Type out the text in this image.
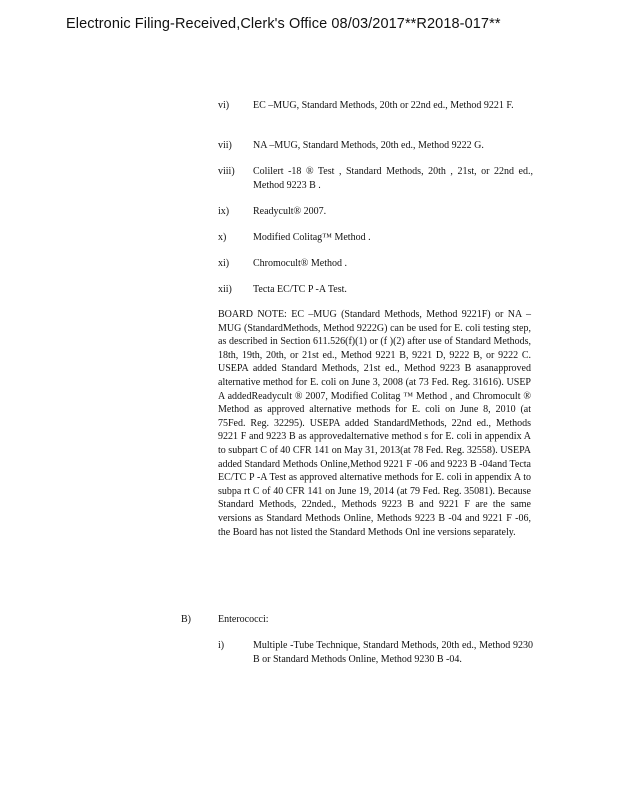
Electronic Filing-Received,Clerk's Office 08/03/2017**R2018-017**
vi)	EC –MUG, Standard Methods, 20th or 22nd ed., Method 9221 F.
vii)	NA –MUG, Standard Methods, 20th ed., Method 9222 G.
viii)	Colilert -18 ® Test , Standard Methods, 20th , 21st, or 22nd ed., Method 9223 B .
ix)	Readycult® 2007.
x)	Modified Colitag™ Method .
xi)	Chromocult® Method .
xii)	Tecta EC/TC P -A Test.
BOARD NOTE: EC –MUG (Standard Methods, Method 9221F) or NA –MUG (StandardMethods, Method 9222G) can be used for E. coli testing step, as described in Section 611.526(f)(1) or (f )(2) after use of Standard Methods, 18th, 19th, 20th, or 21st ed., Method 9221 B, 9221 D, 9222 B, or 9222 C. USEPA added Standard Methods, 21st ed., Method 9223 B asanapproved alternative method for E. coli on June 3, 2008 (at 73 Fed. Reg. 31616). USEP A addedReadycult ® 2007, Modified Colitag ™ Method , and Chromocult ® Method as approved alternative methods for E. coli on June 8, 2010 (at 75Fed. Reg. 32295). USEPA added StandardMethods, 22nd ed., Methods 9221 F and 9223 B as approvedalternative method s for E. coli in appendix A to subpart C of 40 CFR 141 on May 31, 2013(at 78 Fed. Reg. 32558). USEPA added Standard Methods Online,Method 9221 F -06 and 9223 B -04and Tecta EC/TC P -A Test as approved alternative methods for E. coli in appendix A to subpa rt C of 40 CFR 141 on June 19, 2014 (at 79 Fed. Reg. 35081). Because Standard Methods, 22nded., Methods 9223 B and 9221 F are the same versions as Standard Methods Online, Methods 9223 B -04 and 9221 F -06, the Board has not listed the Standard Methods Onl ine versions separately.
B)	Enterococci:
i)	Multiple -Tube Technique, Standard Methods, 20th ed., Method 9230 B or Standard Methods Online, Method 9230 B -04.
